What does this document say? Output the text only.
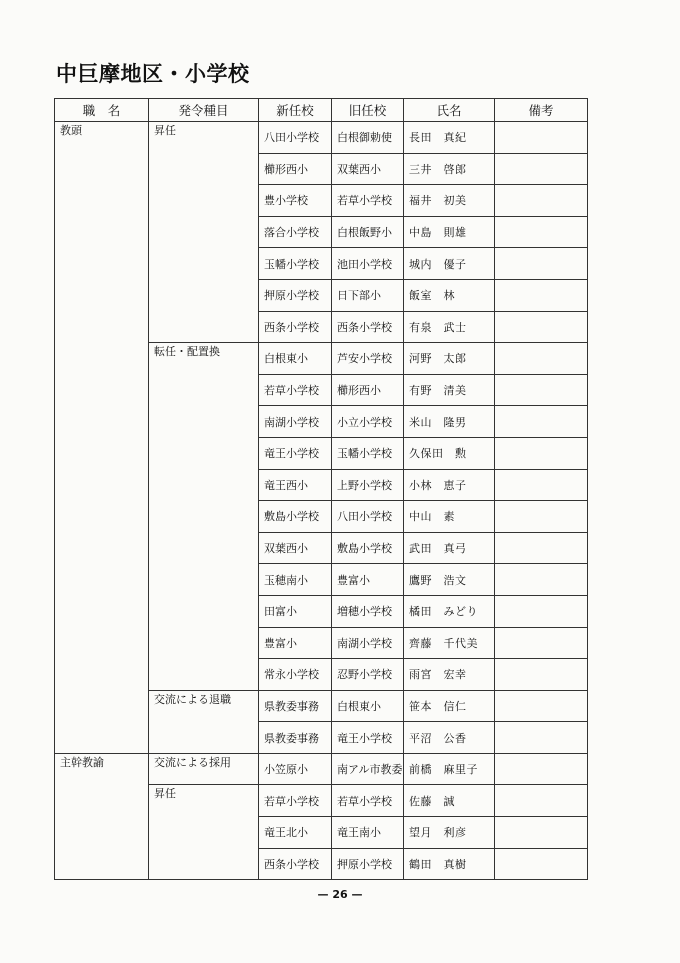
中巨摩地区・小学校
職　名	発令種目	新任校	旧任校	氏名	備考
教頭	昇任	八田小学校	白根御勅使	長田　真紀	
		櫛形西小	双葉西小	三井　啓郎	
		豊小学校	若草小学校	福井　初美	
		落合小学校	白根飯野小	中島　則雄	
		玉幡小学校	池田小学校	城内　優子	
		押原小学校	日下部小	飯室　林	
		西条小学校	西条小学校	有泉　武士	
	転任・配置換	白根東小	芦安小学校	河野　太郎	
		若草小学校	櫛形西小	有野　清美	
		南湖小学校	小立小学校	米山　隆男	
		竜王小学校	玉幡小学校	久保田　勲	
		竜王西小	上野小学校	小林　恵子	
		敷島小学校	八田小学校	中山　素	
		双葉西小	敷島小学校	武田　真弓	
		玉穂南小	豊富小	鷹野　浩文	
		田富小	増穂小学校	橘田　みどり	
		豊富小	南湖小学校	齊藤　千代美	
		常永小学校	忍野小学校	雨宮　宏幸	
	交流による退職	県教委事務	白根東小	笹本　信仁	
		県教委事務	竜王小学校	平沼　公香	
主幹教諭	交流による採用	小笠原小	南アル市教委	前橋　麻里子	
	昇任	若草小学校	若草小学校	佐藤　誠	
		竜王北小	竜王南小	望月　利彦	
		西条小学校	押原小学校	鶴田　真樹	
— 26 —
